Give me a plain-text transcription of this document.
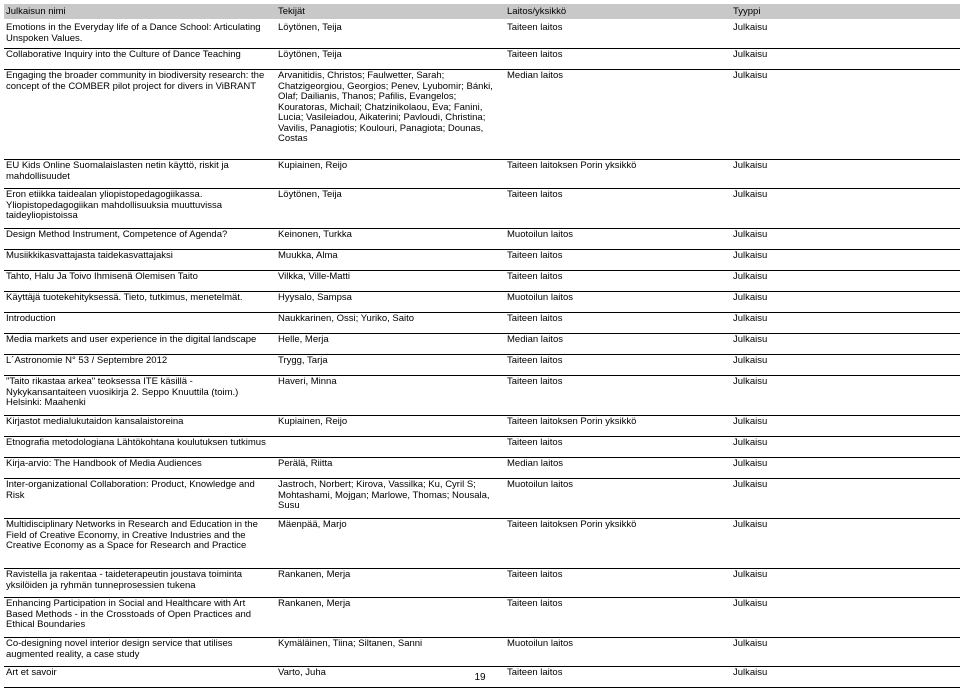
Julkaisun nimi	Tekijät	Laitos/yksikkö	Tyyppi
Emotions in the Everyday life of a Dance School: Articulating Unspoken Values.	Löytönen, Teija	Taiteen laitos	Julkaisu
Collaborative Inquiry into the Culture of Dance Teaching	Löytönen, Teija	Taiteen laitos	Julkaisu
Engaging the broader community in biodiversity research: the concept of the COMBER pilot project for divers in ViBRANT	Arvanitidis, Christos; Faulwetter, Sarah; Chatzigeorgiou, Georgios; Penev, Lyubomir; Bánki, Olaf; Dailianis, Thanos; Pafilis, Evangelos; Kouratoras, Michail; Chatzinikolaou, Eva; Fanini, Lucia; Vasileiadou, Aikaterini; Pavloudi, Christina; Vavilis, Panagiotis; Koulouri, Panagiota; Dounas, Costas	Median laitos	Julkaisu
EU Kids Online Suomalaislasten netin käyttö, riskit ja mahdollisuudet	Kupiainen, Reijo	Taiteen laitoksen Porin yksikkö	Julkaisu
Eron etiikka taidealan yliopistopedagogiikassa. Yliopistopedagogiikan mahdollisuuksia muuttuvissa taideyliopistoissa	Löytönen, Teija	Taiteen laitos	Julkaisu
Design Method Instrument, Competence of Agenda?	Keinonen, Turkka	Muotoilun laitos	Julkaisu
Musiikkikasvattajasta taidekasvattajaksi	Muukka, Alma	Taiteen laitos	Julkaisu
Tahto, Halu Ja Toivo Ihmisenä Olemisen Taito	Vilkka, Ville-Matti	Taiteen laitos	Julkaisu
Käyttäjä tuotekehityksessä. Tieto, tutkimus, menetelmät.	Hyysalo, Sampsa	Muotoilun laitos	Julkaisu
Introduction	Naukkarinen, Ossi; Yuriko, Saito	Taiteen laitos	Julkaisu
Media markets and user experience in the digital landscape	Helle, Merja	Median laitos	Julkaisu
L´Astronomie N° 53 / Septembre 2012	Trygg, Tarja	Taiteen laitos	Julkaisu
"Taito rikastaa arkea" teoksessa ITE käsillä - Nykykansantaiteen vuosikirja 2. Seppo Knuuttila (toim.) Helsinki: Maahenki	Haveri, Minna	Taiteen laitos	Julkaisu
Kirjastot medialukutaidon kansalaistoreina	Kupiainen, Reijo	Taiteen laitoksen Porin yksikkö	Julkaisu
Etnografia metodologiana Lähtökohtana koulutuksen tutkimus		Taiteen laitos	Julkaisu
Kirja-arvio: The Handbook of Media Audiences	Perälä, Riitta	Median laitos	Julkaisu
Inter-organizational Collaboration: Product, Knowledge and Risk	Jastroch, Norbert; Kirova, Vassilka; Ku, Cyril S; Mohtashami, Mojgan; Marlowe, Thomas; Nousala, Susu	Muotoilun laitos	Julkaisu
Multidisciplinary Networks in Research and Education in the Field of Creative Economy, in Creative Industries and the Creative Economy as a Space for Research and Practice	Mäenpää, Marjo	Taiteen laitoksen Porin yksikkö	Julkaisu
Ravistella ja rakentaa - taideterapeutin joustava toiminta yksilöiden ja ryhmän tunneprosessien tukena	Rankanen, Merja	Taiteen laitos	Julkaisu
Enhancing Participation in Social and Healthcare with Art Based Methods - in the Crosstoads of Open Practices and Ethical Boundaries	Rankanen, Merja	Taiteen laitos	Julkaisu
Co-designing novel interior design service that utilises augmented reality, a case study	Kymäläinen, Tiina; Siltanen, Sanni	Muotoilun laitos	Julkaisu
Art et savoir	Varto, Juha	Taiteen laitos	Julkaisu
19
